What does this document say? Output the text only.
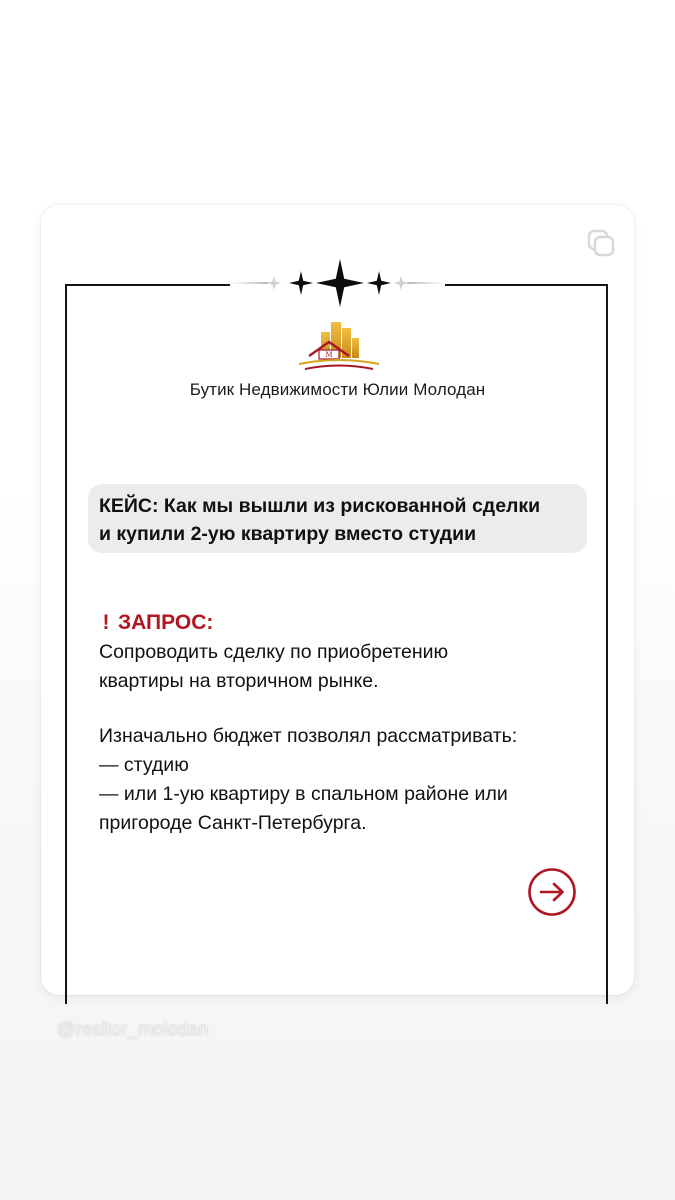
M
Бутик Недвижимости Юлии Молодан
КЕЙС: Как мы вышли из рискованной сделки
и купили 2-ую квартиру вместо студии
! ЗАПРОС:
Сопроводить сделку по приобретению
квартиры на вторичном рынке.
Изначально бюджет позволял рассматривать:
— студию
— или 1-ую квартиру в спальном районе или
пригороде Санкт-Петербурга.
@realtor_molodan
